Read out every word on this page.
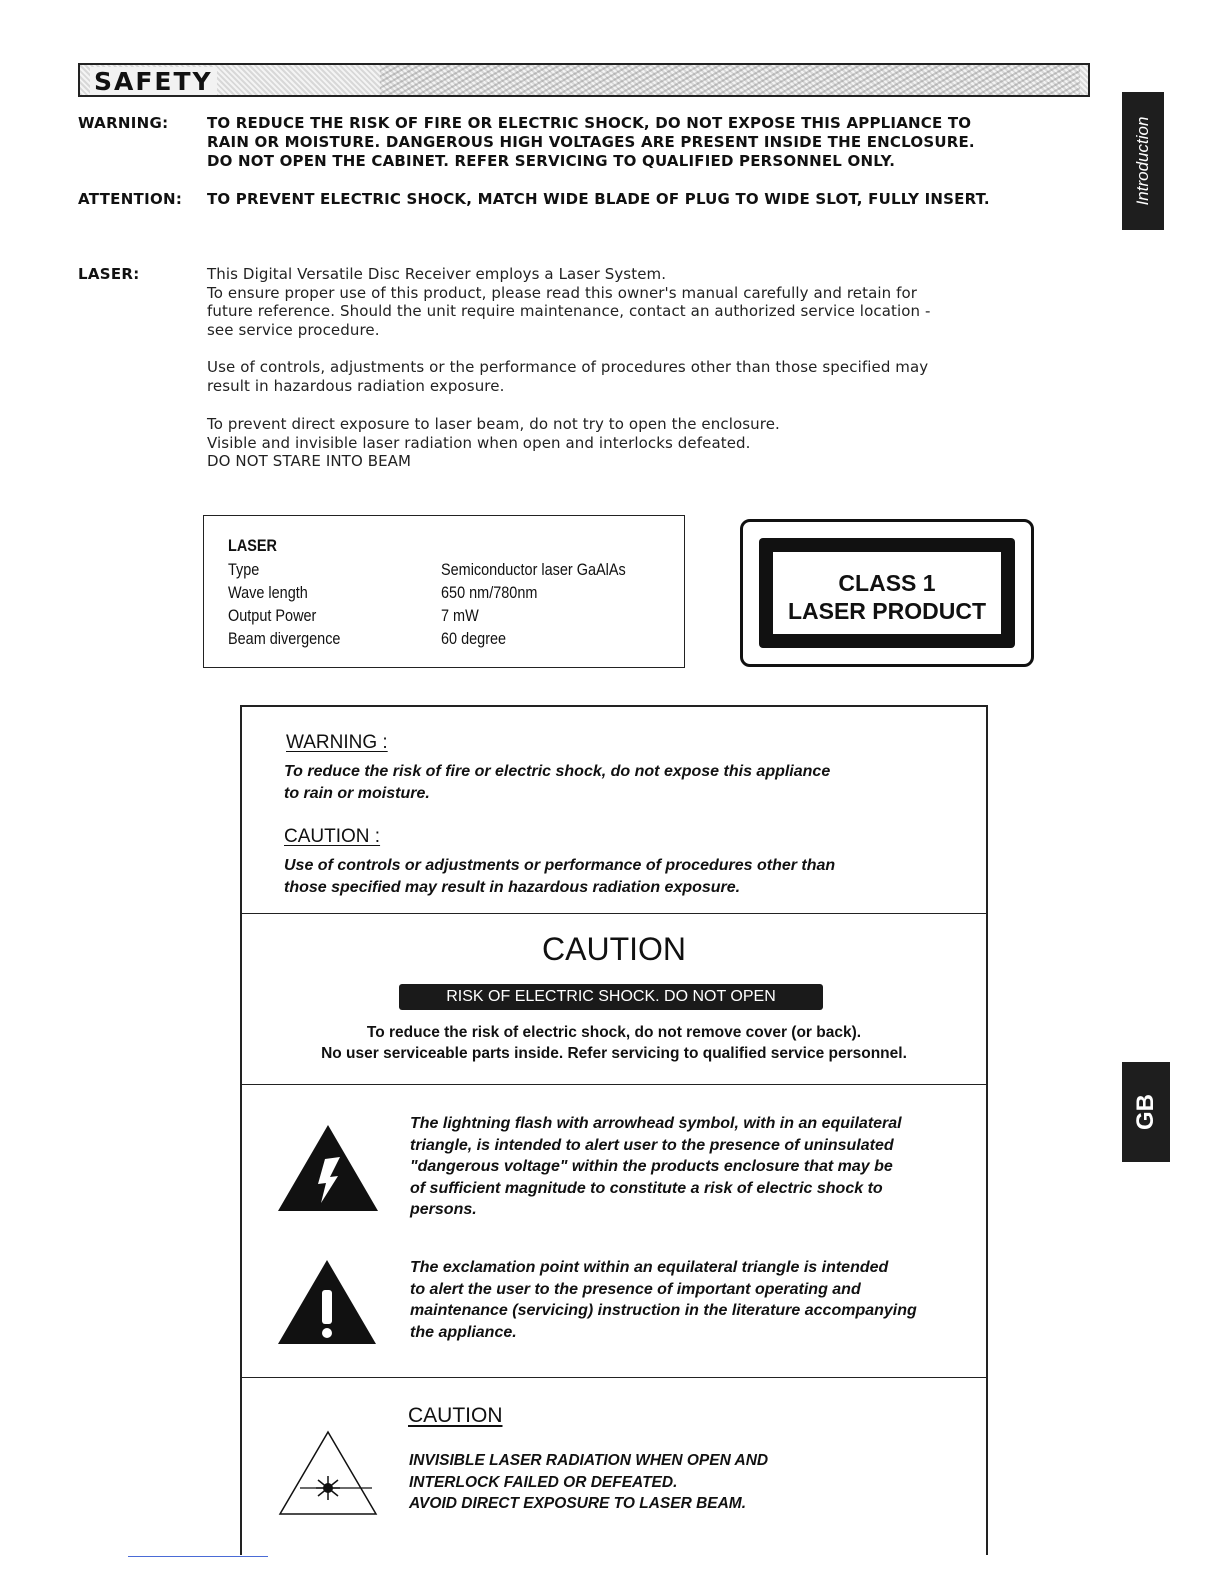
SAFETY
Introduction
GB
WARNING:	TO REDUCE THE RISK OF FIRE OR ELECTRIC SHOCK, DO NOT EXPOSE THIS APPLIANCE TO
RAIN OR MOISTURE. DANGEROUS HIGH VOLTAGES ARE PRESENT INSIDE THE ENCLOSURE.
DO NOT OPEN THE CABINET. REFER SERVICING TO QUALIFIED PERSONNEL ONLY.
ATTENTION: TO PREVENT ELECTRIC SHOCK, MATCH WIDE BLADE OF PLUG TO WIDE SLOT, FULLY INSERT.
LASER:	This Digital Versatile Disc Receiver employs a Laser System.
To ensure proper use of this product, please read this owner's manual carefully and retain for
future reference. Should the unit require maintenance, contact an authorized service location -
see service procedure.
Use of controls, adjustments or the performance of procedures other than those specified may
result in hazardous radiation exposure.
To prevent direct exposure to laser beam, do not try to open the enclosure.
Visible and invisible laser radiation when open and interlocks defeated.
DO NOT STARE INTO BEAM
LASER
Type	Semiconductor laser GaAlAs
Wave length	650 nm/780nm
Output Power	7 mW
Beam divergence	60 degree
CLASS 1
LASER PRODUCT
WARNING :
To reduce the risk of fire or electric shock, do not expose this appliance
to rain or moisture.
CAUTION :
Use of controls or adjustments or performance of procedures other than
those specified may result in hazardous radiation exposure.
CAUTION
RISK OF ELECTRIC SHOCK. DO NOT OPEN
To reduce the risk of electric shock, do not remove cover (or back).
No user serviceable parts inside. Refer servicing to qualified service personnel.
The lightning flash with arrowhead symbol, with in an equilateral
triangle, is intended to alert user to the presence of uninsulated
"dangerous voltage" within the products enclosure that may be
of sufficient magnitude to constitute a risk of electric shock to
persons.
The exclamation point within an equilateral triangle is intended
to alert the user to the presence of important operating and
maintenance (servicing) instruction in the literature accompanying
the appliance.
CAUTION
INVISIBLE LASER RADIATION WHEN OPEN AND
INTERLOCK FAILED OR DEFEATED.
AVOID DIRECT EXPOSURE TO LASER BEAM.
